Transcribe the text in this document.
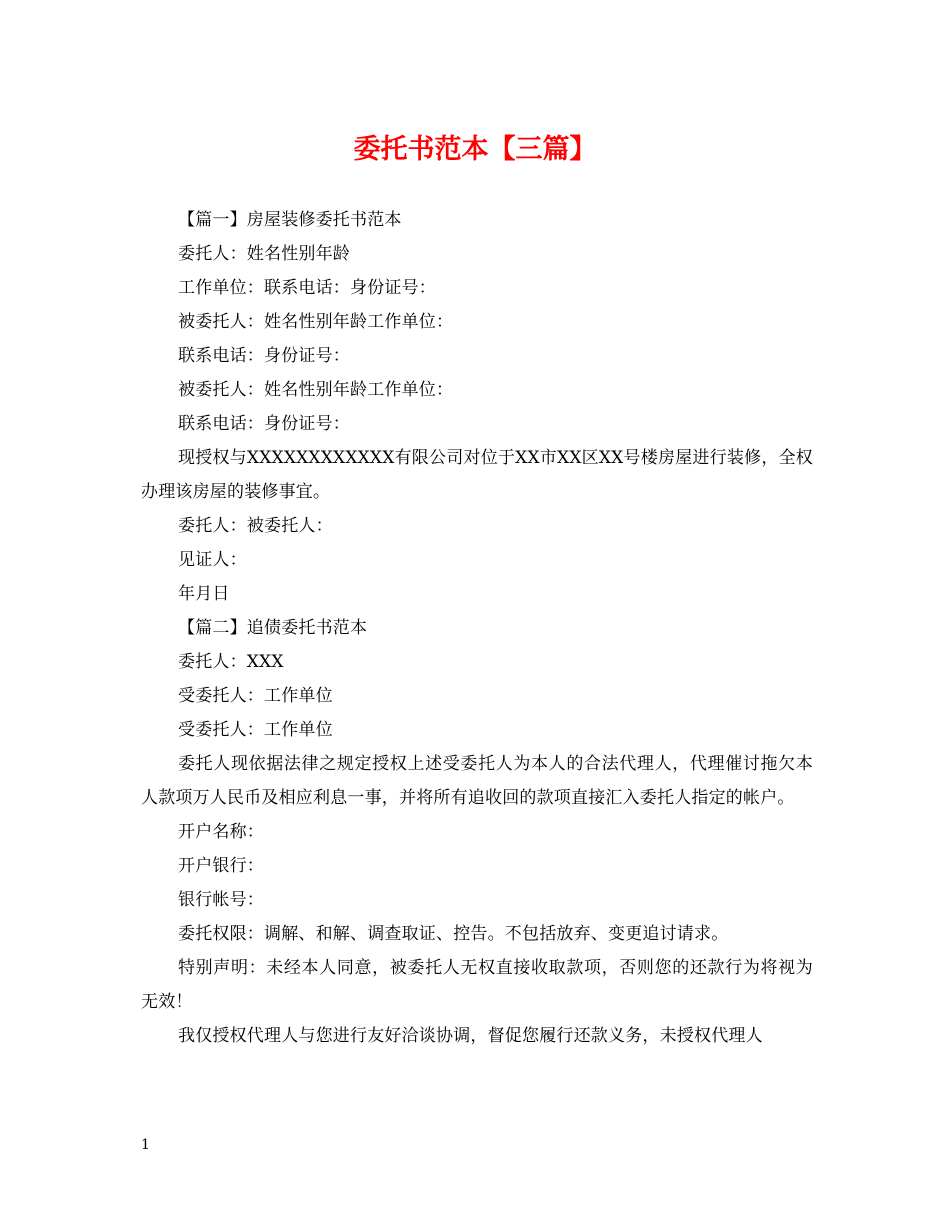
委托书范本【三篇】

【篇一】房屋装修委托书范本

委托人：姓名性别年龄

工作单位：联系电话：身份证号：

被委托人：姓名性别年龄工作单位：

联系电话：身份证号：

被委托人：姓名性别年龄工作单位：

联系电话：身份证号：

现授权与XXXXXXXXXXXX有限公司对位于XX市XX区XX号楼房屋进行装修，全权办理该房屋的装修事宜。

委托人：被委托人：

见证人：

年月日

【篇二】追债委托书范本

委托人：XXX

受委托人：工作单位

受委托人：工作单位

委托人现依据法律之规定授权上述受委托人为本人的合法代理人，代理催讨拖欠本人款项万人民币及相应利息一事，并将所有追收回的款项直接汇入委托人指定的帐户。

开户名称：

开户银行：

银行帐号：

委托权限：调解、和解、调查取证、控告。不包括放弃、变更追讨请求。

特别声明：未经本人同意，被委托人无权直接收取款项，否则您的还款行为将视为无效！

我仅授权代理人与您进行友好洽谈协调，督促您履行还款义务，未授权代理人

1
